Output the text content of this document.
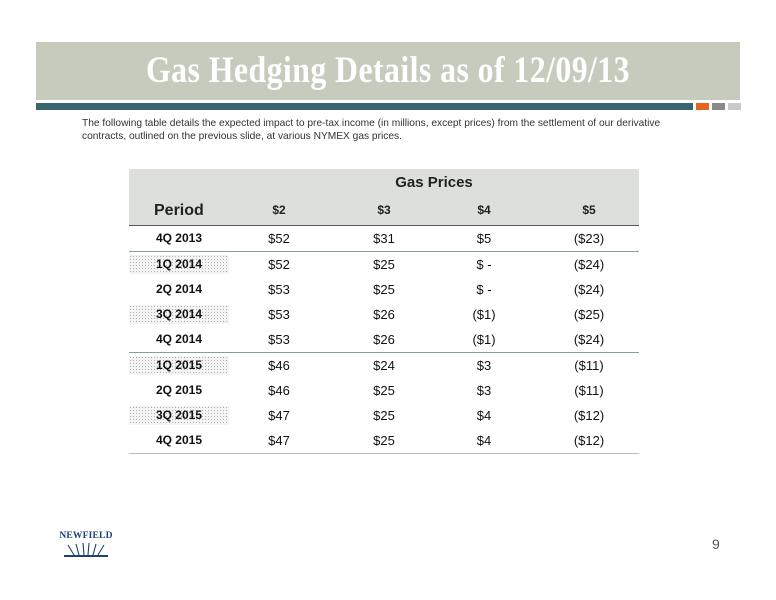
Gas Hedging Details as of 12/09/13
The following table details the expected impact to pre-tax income (in millions, except prices) from the settlement of our derivative contracts, outlined on the previous slide, at various NYMEX gas prices.
Gas Prices
Period	$2	$3	$4	$5
4Q 2013	$52	$31	$5	($23)
1Q 2014	$52	$25	$ -	($24)
2Q 2014	$53	$25	$ -	($24)
3Q 2014	$53	$26	($1)	($25)
4Q 2014	$53	$26	($1)	($24)
1Q 2015	$46	$24	$3	($11)
2Q 2015	$46	$25	$3	($11)
3Q 2015	$47	$25	$4	($12)
4Q 2015	$47	$25	$4	($12)
NEWFIELD	9
